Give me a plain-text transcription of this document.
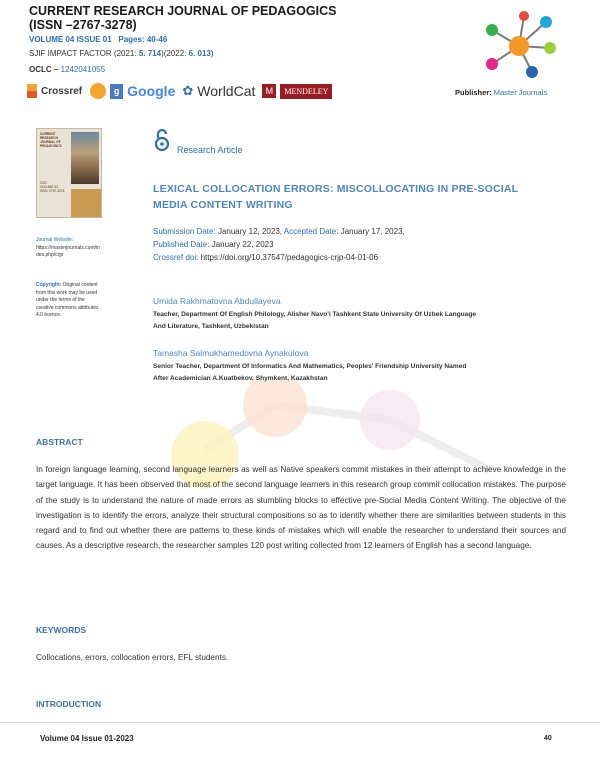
CURRENT RESEARCH JOURNAL OF PEDAGOGICS
(ISSN –2767-3278)
VOLUME 04 ISSUE 01 Pages: 40-46
SJIF IMPACT FACTOR (2021: 5. 714)(2022: 6. 013)
OCLC – 1242041055
Crossref	g Google ✿ WorldCat	M	MENDELEY	Publisher: Master Journals
CURRENT RESEARCH
JOURNAL OF
PEDAGOGICS
2022
VOLUME 03
ISSN: 2767-3278
Journal Website:
https://masterjournals.com/index.php/crjp
Copyright: Original content from this work may be used under the terms of the creative commons attributes 4.0 licence.
Research Article
LEXICAL COLLOCATION ERRORS: MISCOLLOCATING IN PRE-SOCIAL
MEDIA CONTENT WRITING
Submission Date: January 12, 2023, Accepted Date: January 17, 2023,
Published Date: January 22, 2023
Crossref doi: https://doi.org/10.37547/pedagogics-crjp-04-01-06
Umida Rakhmatovna Abdullayeva
Teacher, Department Of English Philology, Alisher Navo'i Tashkent State University Of Uzbek Language
And Literature, Tashkent, Uzbekistan
Tamasha Salmukhamedovna Aynakulova
Senior Teacher, Department Of Informatics And Mathematics, Peoples' Friendship University Named
After Academician A.Kuatbekov, Shymkent, Kazakhstan
ABSTRACT
In foreign language learning, second language learners as well as Native speakers commit mistakes in their attempt to achieve knowledge in the target language. It has been observed that most of the second language learners in this research group commit collocation mistakes. The purpose of the study is to understand the nature of made errors as stumbling blocks to effective pre-Social Media Content Writing. The objective of the investigation is to identify the errors, analyze their structural compositions so as to identify whether there are similarities between students in this regard and to find out whether there are patterns to these kinds of mistakes which will enable the researcher to understand their sources and causes. As a descriptive research, the researcher samples 120 post writing collected from 12 learners of English has a second language.
KEYWORDS
Collocations, errors, collocation errors, EFL students.
INTRODUCTION
Volume 04 Issue 01-2023	40
